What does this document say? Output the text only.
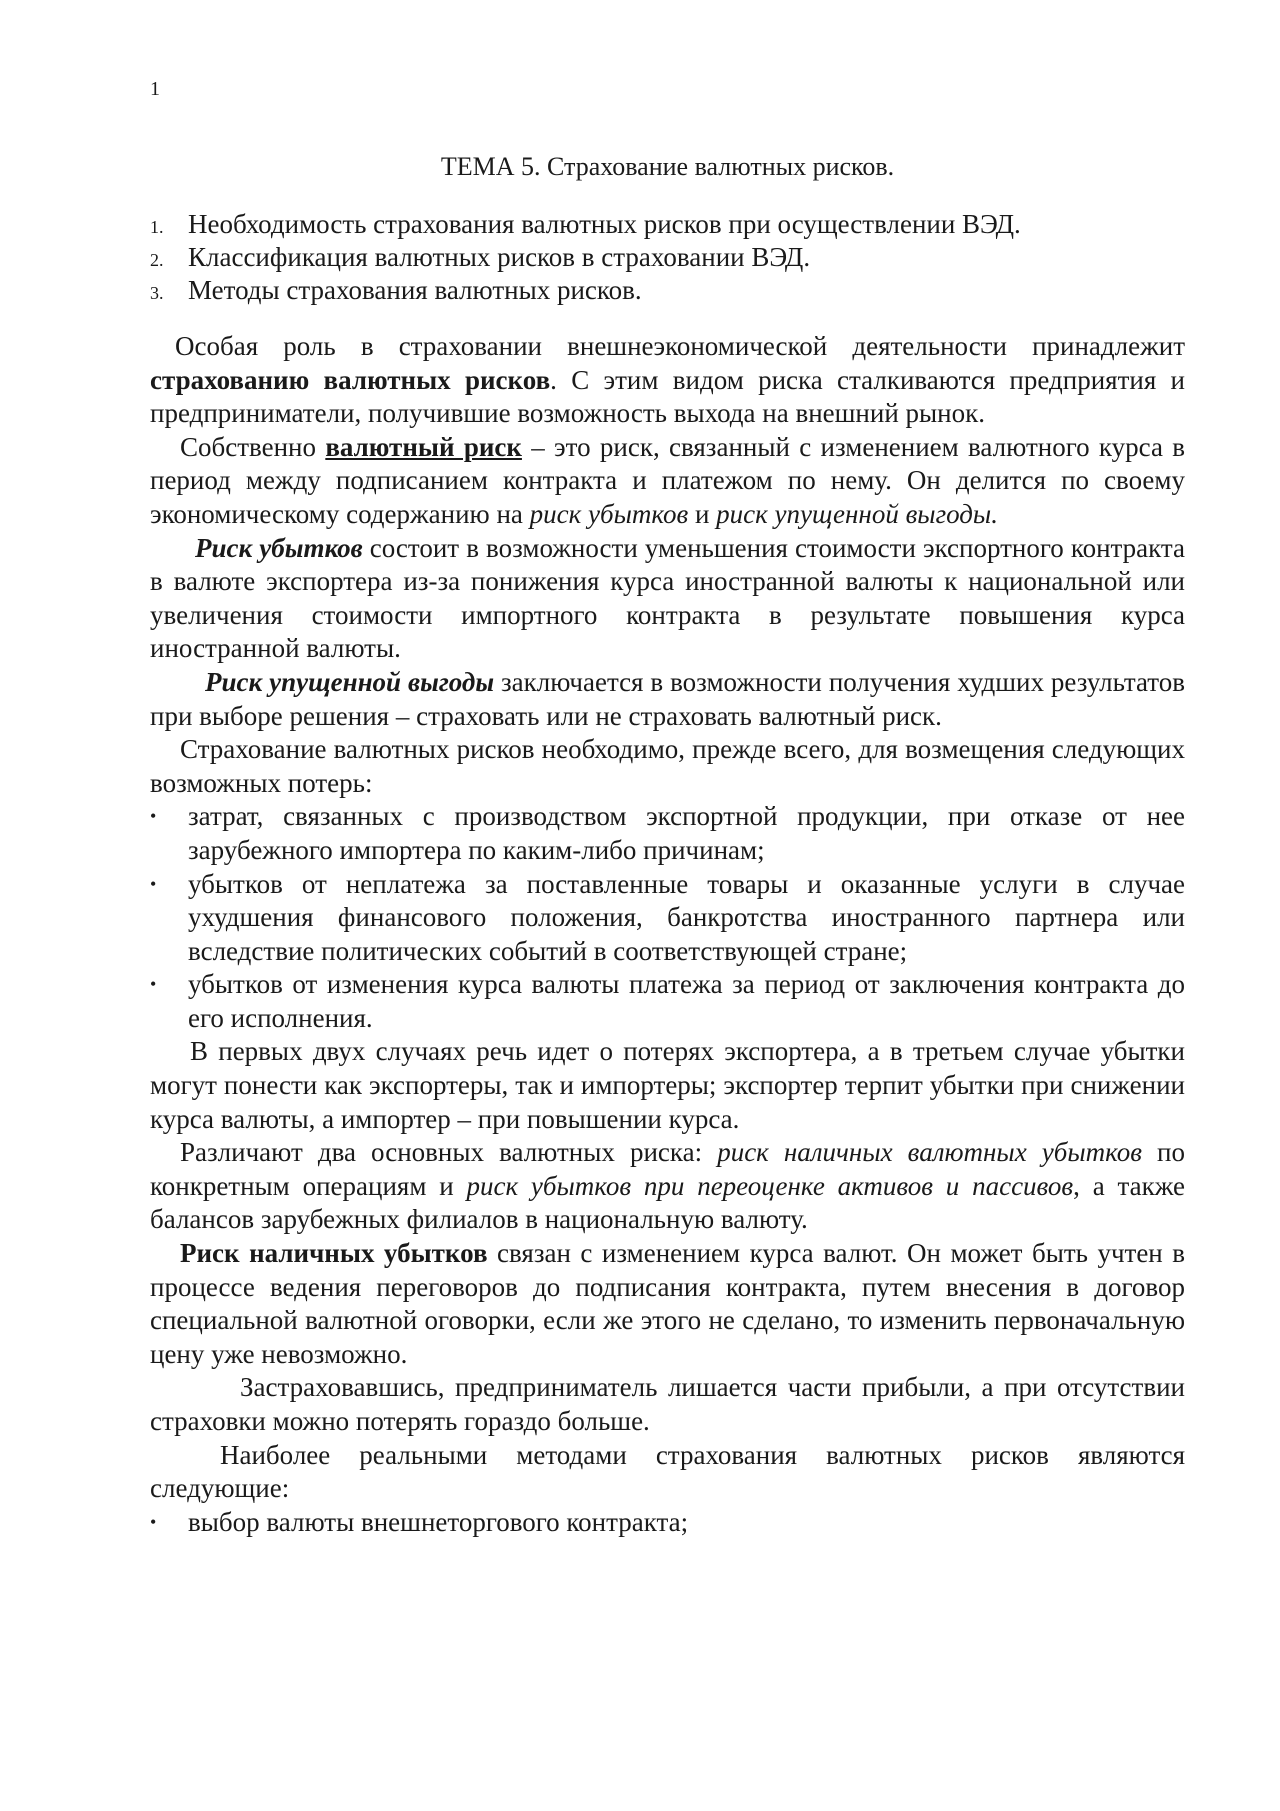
1
ТЕМА 5. Страхование валютных рисков.
1. Необходимость страхования валютных рисков при осуществлении ВЭД.
2. Классификация валютных рисков в страховании ВЭД.
3. Методы страхования валютных рисков.

Особая роль в страховании внешнеэкономической деятельности принадлежит страхованию валютных рисков. С этим видом риска сталкиваются предприятия и предприниматели, получившие возможность выхода на внешний рынок.

Собственно валютный риск – это риск, связанный с изменением валютного курса в период между подписанием контракта и платежом по нему. Он делится по своему экономическому содержанию на риск убытков и риск упущенной выгоды.

Риск убытков состоит в возможности уменьшения стоимости экспортного контракта в валюте экспортера из-за понижения курса иностранной валюты к национальной или увеличения стоимости импортного контракта в результате повышения курса иностранной валюты.

Риск упущенной выгоды заключается в возможности получения худших результатов при выборе решения – страховать или не страховать валютный риск.

Страхование валютных рисков необходимо, прежде всего, для возмещения следующих возможных потерь:

• затрат, связанных с производством экспортной продукции, при отказе от нее зарубежного импортера по каким-либо причинам;
• убытков от неплатежа за поставленные товары и оказанные услуги в случае ухудшения финансового положения, банкротства иностранного партнера или вследствие политических событий в соответствующей стране;
• убытков от изменения курса валюты платежа за период от заключения контракта до его исполнения.

В первых двух случаях речь идет о потерях экспортера, а в третьем случае убытки могут понести как экспортеры, так и импортеры; экспортер терпит убытки при снижении курса валюты, а импортер – при повышении курса.

Различают два основных валютных риска: риск наличных валютных убытков по конкретным операциям и риск убытков при переоценке активов и пассивов, а также балансов зарубежных филиалов в национальную валюту.

Риск наличных убытков связан с изменением курса валют. Он может быть учтен в процессе ведения переговоров до подписания контракта, путем внесения в договор специальной валютной оговорки, если же этого не сделано, то изменить первоначальную цену уже невозможно.

Застраховавшись, предприниматель лишается части прибыли, а при отсутствии страховки можно потерять гораздо больше.

Наиболее реальными методами страхования валютных рисков являются следующие:

• выбор валюты внешнеторгового контракта;
